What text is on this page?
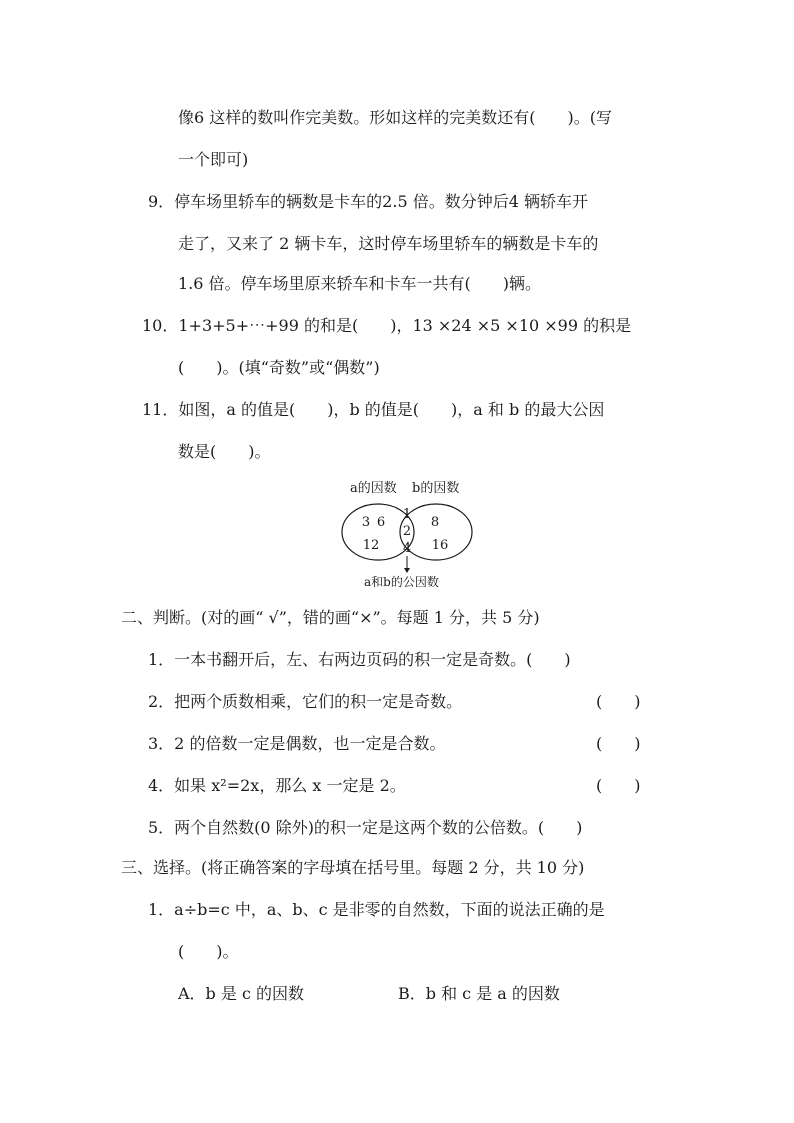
像6 这样的数叫作完美数。形如这样的完美数还有(　　)。(写
一个即可)
9．停车场里轿车的辆数是卡车的2.5 倍。数分钟后4 辆轿车开
走了，又来了 2 辆卡车，这时停车场里轿车的辆数是卡车的
1.6 倍。停车场里原来轿车和卡车一共有(　　)辆。
10．1+3+5+⋯+99 的和是(　　)，13 ×24 ×5 ×10 ×99 的积是
(　　)。(填“奇数”或“偶数”)
11．如图，a 的值是(　　)，b 的值是(　　)，a 和 b 的最大公因
数是(　　)。
a的因数 b的因数
3 6
12
1
2
4
8
16
a和b的公因数
二、判断。(对的画“ √”，错的画“×”。每题 1 分，共 5 分)
1．一本书翻开后，左、右两边页码的积一定是奇数。(　　)
2．把两个质数相乘，它们的积一定是奇数。	(　　)
3．2 的倍数一定是偶数，也一定是合数。	(　　)
4．如果 x²=2x，那么 x 一定是 2。	(　　)
5．两个自然数(0 除外)的积一定是这两个数的公倍数。(　　)
三、选择。(将正确答案的字母填在括号里。每题 2 分，共 10 分)
1．a÷b=c 中，a、b、c 是非零的自然数，下面的说法正确的是
(　　)。
A．b 是 c 的因数	B．b 和 c 是 a 的因数
